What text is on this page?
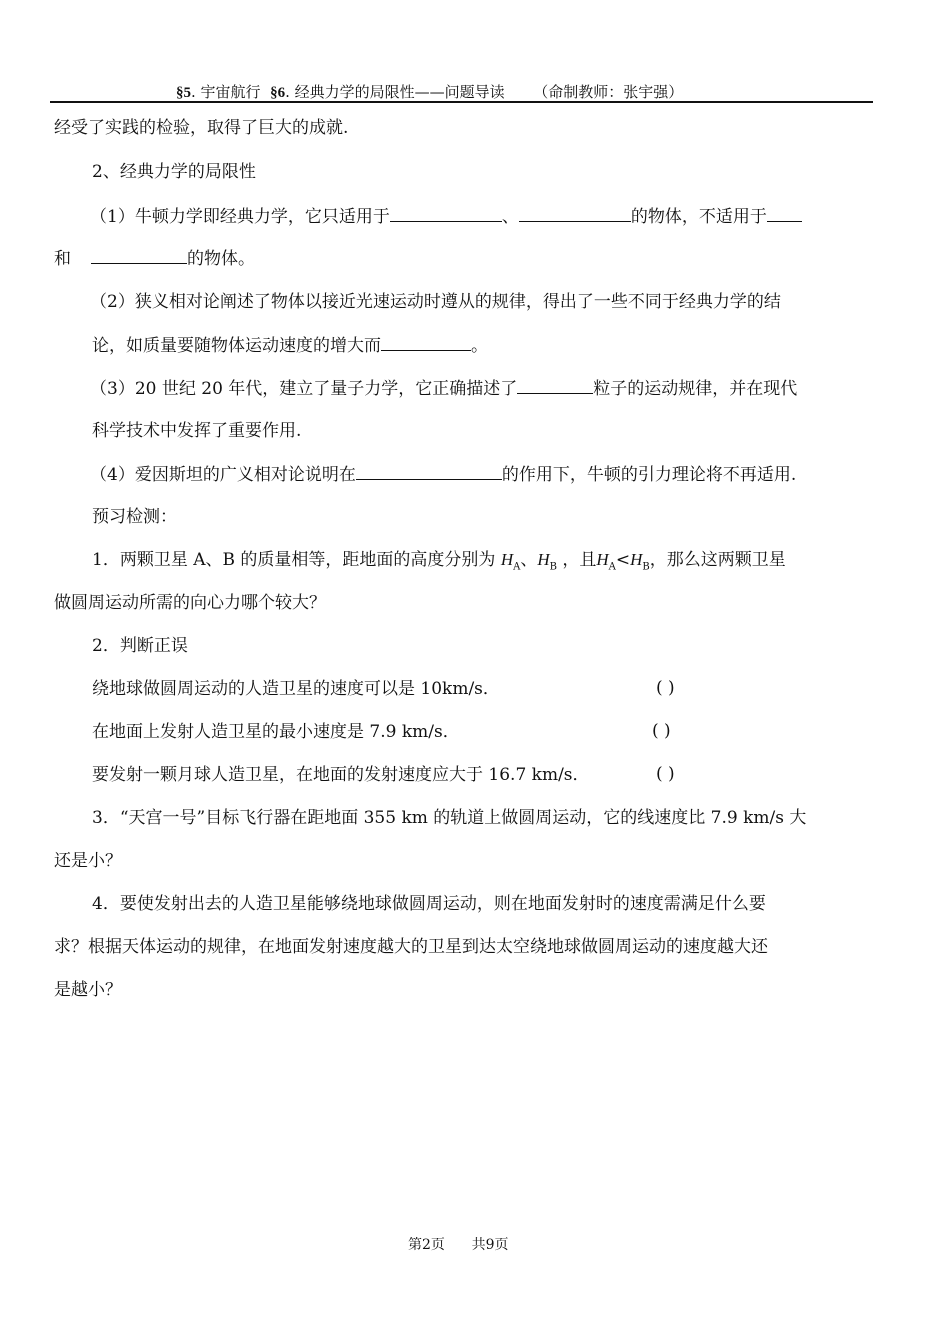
§5. 宇宙航行 §6. 经典力学的局限性——问题导读 （命制教师：张宇强）
经受了实践的检验，取得了巨大的成就.
2、经典力学的局限性
（1）牛顿力学即经典力学，它只适用于	、	的物体，不适用于
和	的物体。
（2）狭义相对论阐述了物体以接近光速运动时遵从的规律，得出了一些不同于经典力学的结
论，如质量要随物体运动速度的增大而	。
（3）20 世纪 20 年代，建立了量子力学，它正确描述了	粒子的运动规律，并在现代
科学技术中发挥了重要作用.
（4）爱因斯坦的广义相对论说明在	的作用下，牛顿的引力理论将不再适用.
预习检测：
1．两颗卫星 A、B 的质量相等，距地面的高度分别为 $H_A$、$H_B$ ，且$H_A<H_B$，那么这两颗卫星
做圆周运动所需的向心力哪个较大？
2．判断正误
绕地球做圆周运动的人造卫星的速度可以是 10km/s．	( )
在地面上发射人造卫星的最小速度是 7.9 km/s．	( )
要发射一颗月球人造卫星，在地面的发射速度应大于 16.7 km/s．	( )
3．“天宫一号”目标飞行器在距地面 355 km 的轨道上做圆周运动，它的线速度比 7.9 km/s 大
还是小？
4．要使发射出去的人造卫星能够绕地球做圆周运动，则在地面发射时的速度需满足什么要
求？根据天体运动的规律，在地面发射速度越大的卫星到达太空绕地球做圆周运动的速度越大还
是越小？
第2页 共9页
